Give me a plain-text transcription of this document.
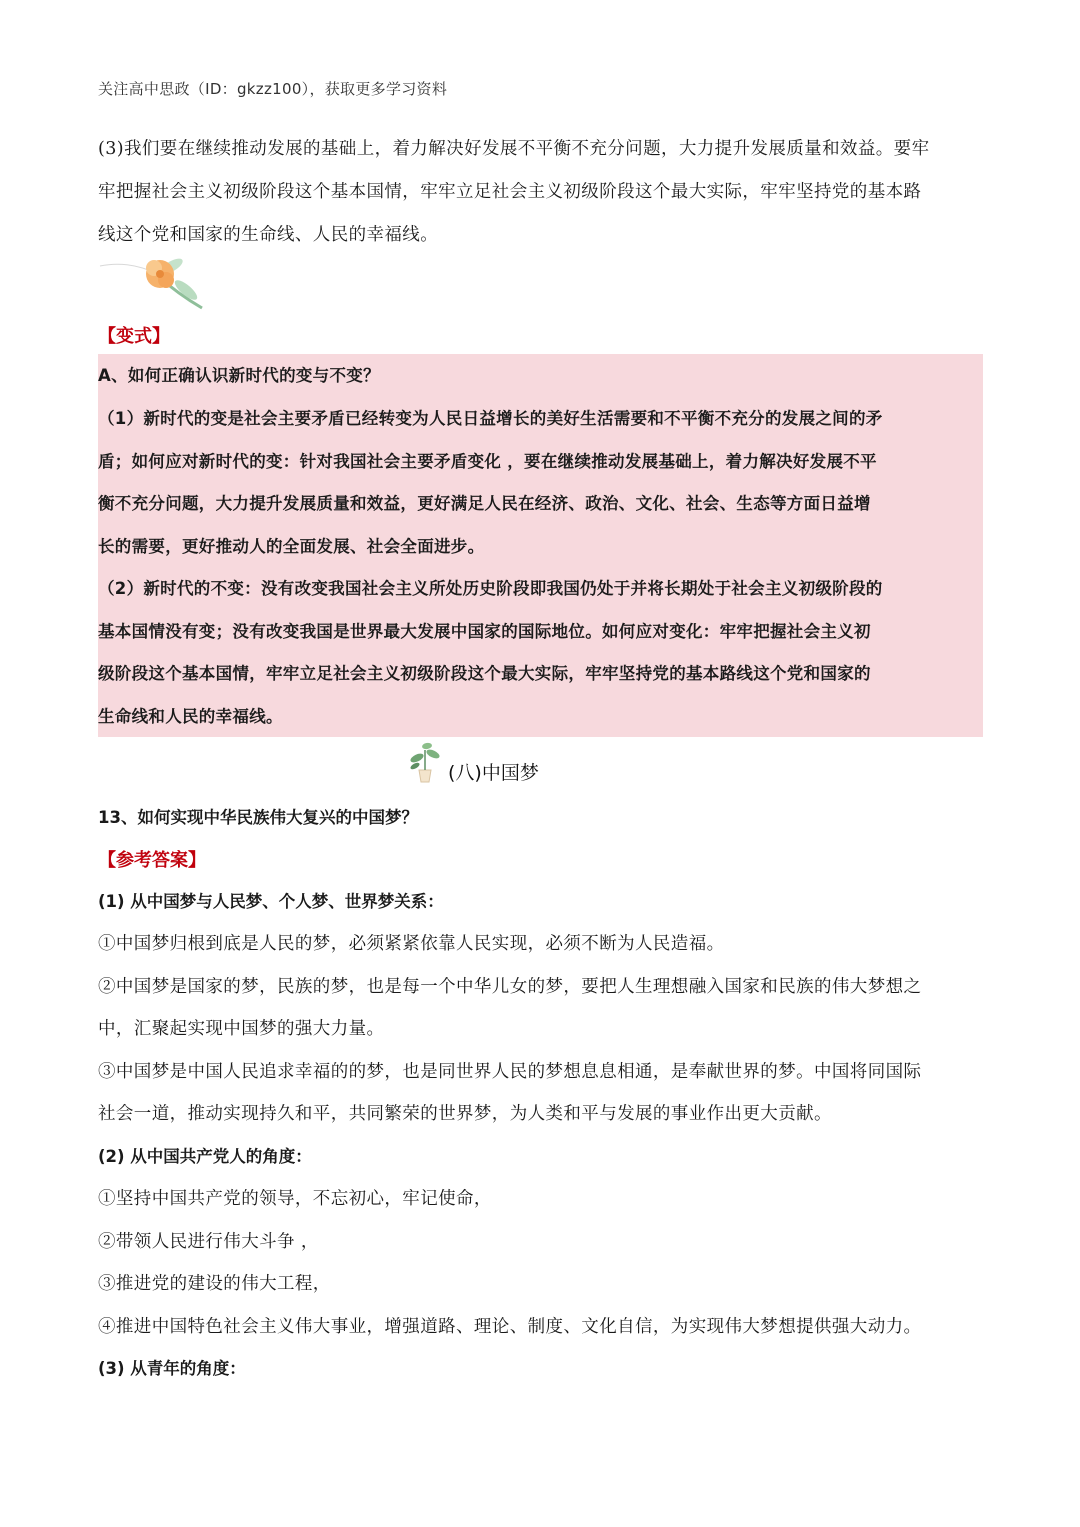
关注高中思政（ID：gkzz100），获取更多学习资料
(3)我们要在继续推动发展的基础上，着力解决好发展不平衡不充分问题，大力提升发展质量和效益。要牢
牢把握社会主义初级阶段这个基本国情，牢牢立足社会主义初级阶段这个最大实际，牢牢坚持党的基本路
线这个党和国家的生命线、人民的幸福线。
【变式】
A、如何正确认识新时代的变与不变？
（1）新时代的变是社会主要矛盾已经转变为人民日益增长的美好生活需要和不平衡不充分的发展之间的矛
盾；如何应对新时代的变：针对我国社会主要矛盾变化 ，要在继续推动发展基础上，着力解决好发展不平
衡不充分问题，大力提升发展质量和效益，更好满足人民在经济、政治、文化、社会、生态等方面日益增
长的需要，更好推动人的全面发展、社会全面进步。
（2）新时代的不变：没有改变我国社会主义所处历史阶段即我国仍处于并将长期处于社会主义初级阶段的
基本国情没有变；没有改变我国是世界最大发展中国家的国际地位。如何应对变化：牢牢把握社会主义初
级阶段这个基本国情，牢牢立足社会主义初级阶段这个最大实际，牢牢坚持党的基本路线这个党和国家的
生命线和人民的幸福线。
(八)中国梦
13、如何实现中华民族伟大复兴的中国梦？
【参考答案】
(1) 从中国梦与人民梦、个人梦、世界梦关系：
①中国梦归根到底是人民的梦，必须紧紧依靠人民实现，必须不断为人民造福。
②中国梦是国家的梦，民族的梦，也是每一个中华儿女的梦，要把人生理想融入国家和民族的伟大梦想之
中，汇聚起实现中国梦的强大力量。
③中国梦是中国人民追求幸福的的梦，也是同世界人民的梦想息息相通，是奉献世界的梦。中国将同国际
社会一道，推动实现持久和平，共同繁荣的世界梦，为人类和平与发展的事业作出更大贡献。
(2) 从中国共产党人的角度：
①坚持中国共产党的领导，不忘初心，牢记使命，
②带领人民进行伟大斗争 ，
③推进党的建设的伟大工程，
④推进中国特色社会主义伟大事业，增强道路、理论、制度、文化自信，为实现伟大梦想提供强大动力。
(3) 从青年的角度：
